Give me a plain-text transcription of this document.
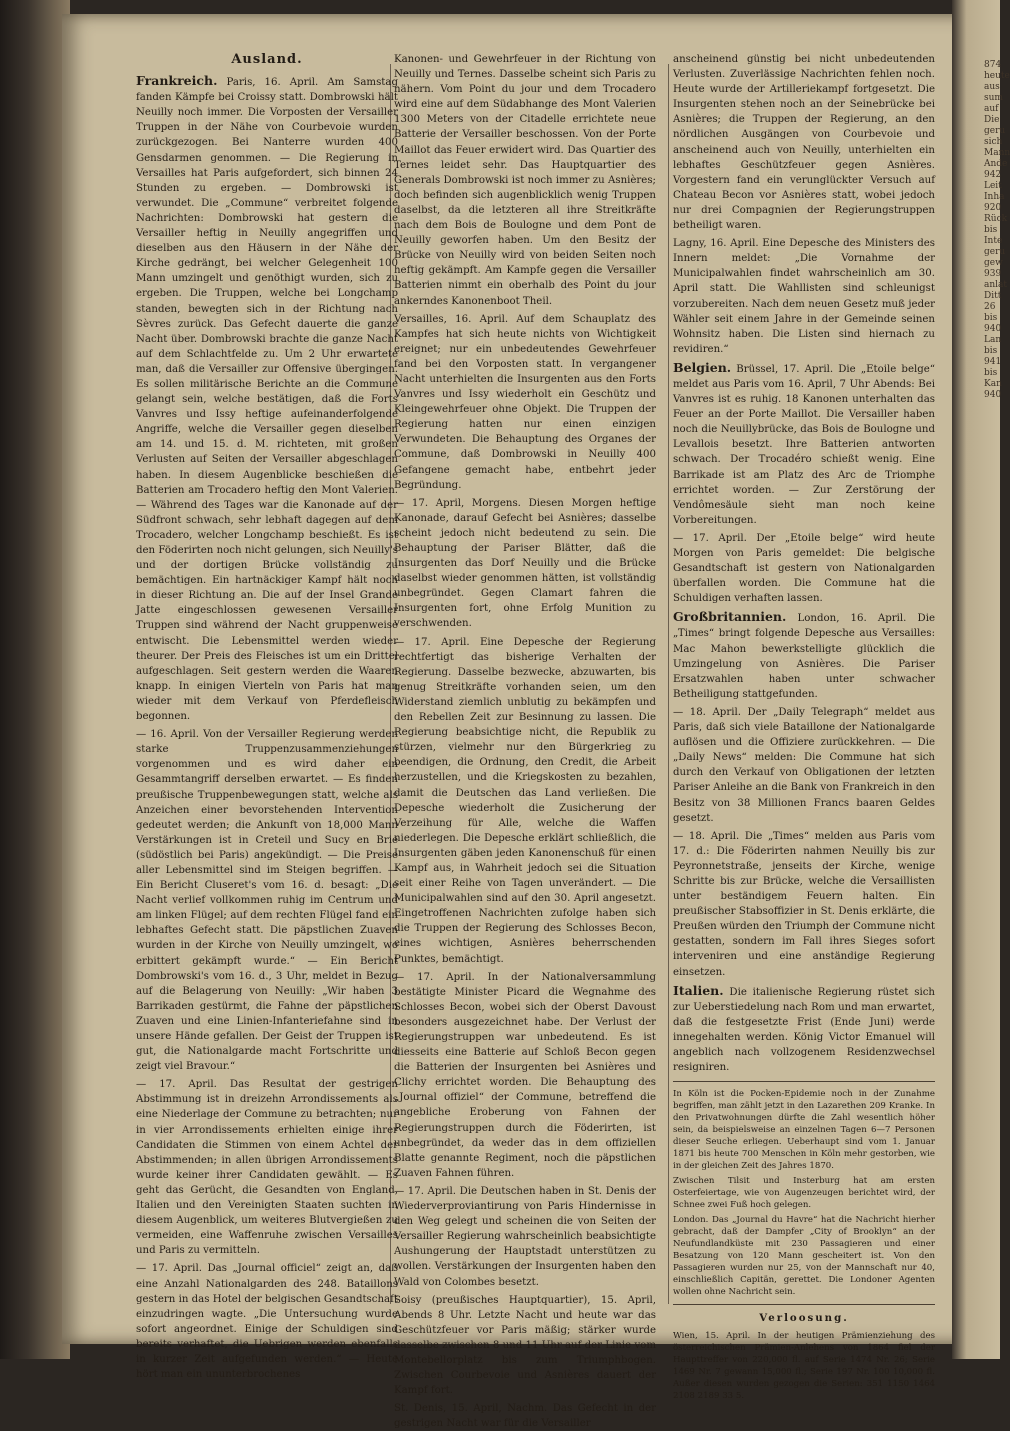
874 heute aus sum auf Die geru sich Mann Ande 942 Leit Inha 920 Rück bis Inte geru gew 939 anlat Ditt 26 bis 940 Lan bis 941 bis Kan 940
Ausland.

Frankreich. Paris, 16. April. Am Samstag fanden Kämpfe bei Croissy statt. Dombrowski hält Neuilly noch immer. Die Vorposten der Versailler Truppen in der Nähe von Courbevoie wurden zurückgezogen. Bei Nanterre wurden 400 Gensdarmen genommen. — Die Regierung in Versailles hat Paris aufgefordert, sich binnen 24 Stunden zu ergeben. — Dombrowski ist verwundet. Die „Commune“ verbreitet folgende Nachrichten: Dombrowski hat gestern die Versailler heftig in Neuilly angegriffen und dieselben aus den Häusern in der Nähe der Kirche gedrängt, bei welcher Gelegenheit 100 Mann umzingelt und genöthigt wurden, sich zu ergeben. Die Truppen, welche bei Longchamp standen, bewegten sich in der Richtung nach Sèvres zurück. Das Gefecht dauerte die ganze Nacht über. Dombrowski brachte die ganze Nacht auf dem Schlachtfelde zu. Um 2 Uhr erwartete man, daß die Versailler zur Offensive übergingen. Es sollen militärische Berichte an die Commune gelangt sein, welche bestätigen, daß die Forts Vanvres und Issy heftige aufeinanderfolgende Angriffe, welche die Versailler gegen dieselben am 14. und 15. d. M. richteten, mit großen Verlusten auf Seiten der Versailler abgeschlagen haben. In diesem Augenblicke beschießen die Batterien am Trocadero heftig den Mont Valerien. — Während des Tages war die Kanonade auf der Südfront schwach, sehr lebhaft dagegen auf dem Trocadero, welcher Longchamp beschießt. Es ist den Föderirten noch nicht gelungen, sich Neuilly's und der dortigen Brücke vollständig zu bemächtigen. Ein hartnäckiger Kampf hält noch in dieser Richtung an. Die auf der Insel Grande Jatte eingeschlossen gewesenen Versailler Truppen sind während der Nacht gruppenweise entwischt. Die Lebensmittel werden wieder theurer. Der Preis des Fleisches ist um ein Drittel aufgeschlagen. Seit gestern werden die Waaren knapp. In einigen Vierteln von Paris hat man wieder mit dem Verkauf von Pferdefleisch begonnen.

— 16. April. Von der Versailler Regierung werden starke Truppenzusammenziehungen vorgenommen und es wird daher ein Gesammtangriff derselben erwartet. — Es finden preußische Truppenbewegungen statt, welche als Anzeichen einer bevorstehenden Intervention gedeutet werden; die Ankunft von 18,000 Mann Verstärkungen ist in Creteil und Sucy en Brie (südöstlich bei Paris) angekündigt. — Die Preise aller Lebensmittel sind im Steigen begriffen. — Ein Bericht Cluseret's vom 16. d. besagt: „Die Nacht verlief vollkommen ruhig im Centrum und am linken Flügel; auf dem rechten Flügel fand ein lebhaftes Gefecht statt. Die päpstlichen Zuaven wurden in der Kirche von Neuilly umzingelt, wo erbittert gekämpft wurde.“ — Ein Bericht Dombrowski's vom 16. d., 3 Uhr, meldet in Bezug auf die Belagerung von Neuilly: „Wir haben 3 Barrikaden gestürmt, die Fahne der päpstlichen Zuaven und eine Linien-Infanteriefahne sind in unsere Hände gefallen. Der Geist der Truppen ist gut, die Nationalgarde macht Fortschritte und zeigt viel Bravour.“

— 17. April. Das Resultat der gestrigen Abstimmung ist in dreizehn Arrondissements als eine Niederlage der Commune zu betrachten; nur in vier Arrondissements erhielten einige ihrer Candidaten die Stimmen von einem Achtel der Abstimmenden; in allen übrigen Arrondissements wurde keiner ihrer Candidaten gewählt. — Es geht das Gerücht, die Gesandten von England, Italien und den Vereinigten Staaten suchten in diesem Augenblick, um weiteres Blutvergießen zu vermeiden, eine Waffenruhe zwischen Versailles und Paris zu vermitteln.

— 17. April. Das „Journal officiel“ zeigt an, daß eine Anzahl Nationalgarden des 248. Bataillons gestern in das Hotel der belgischen Gesandtschaft einzudringen wagte. „Die Untersuchung wurde sofort angeordnet. Einige der Schuldigen sind bereits verhaftet, die Uebrigen werden ebenfalls in kurzer Zeit aufgefunden werden.“ — Heute hört man ein ununterbrochenes

Kanonen- und Gewehrfeuer in der Richtung von Neuilly und Ternes. Dasselbe scheint sich Paris zu nähern. Vom Point du jour und dem Trocadero wird eine auf dem Südabhange des Mont Valerien 1300 Meters von der Citadelle errichtete neue Batterie der Versailler beschossen. Von der Porte Maillot das Feuer erwidert wird. Das Quartier des Ternes leidet sehr. Das Hauptquartier des Generals Dombrowski ist noch immer zu Asnières; doch befinden sich augenblicklich wenig Truppen daselbst, da die letzteren all ihre Streitkräfte nach dem Bois de Boulogne und dem Pont de Neuilly geworfen haben. Um den Besitz der Brücke von Neuilly wird von beiden Seiten noch heftig gekämpft. Am Kampfe gegen die Versailler Batterien nimmt ein oberhalb des Point du jour ankerndes Kanonenboot Theil.

Versailles, 16. April. Auf dem Schauplatz des Kampfes hat sich heute nichts von Wichtigkeit ereignet; nur ein unbedeutendes Gewehrfeuer fand bei den Vorposten statt. In vergangener Nacht unterhielten die Insurgenten aus den Forts Vanvres und Issy wiederholt ein Geschütz und Kleingewehrfeuer ohne Objekt. Die Truppen der Regierung hatten nur einen einzigen Verwundeten. Die Behauptung des Organes der Commune, daß Dombrowski in Neuilly 400 Gefangene gemacht habe, entbehrt jeder Begründung.

— 17. April, Morgens. Diesen Morgen heftige Kanonade, darauf Gefecht bei Asnières; dasselbe scheint jedoch nicht bedeutend zu sein. Die Behauptung der Pariser Blätter, daß die Insurgenten das Dorf Neuilly und die Brücke daselbst wieder genommen hätten, ist vollständig unbegründet. Gegen Clamart fahren die Insurgenten fort, ohne Erfolg Munition zu verschwenden.

— 17. April. Eine Depesche der Regierung rechtfertigt das bisherige Verhalten der Regierung. Dasselbe bezwecke, abzuwarten, bis genug Streitkräfte vorhanden seien, um den Widerstand ziemlich unblutig zu bekämpfen und den Rebellen Zeit zur Besinnung zu lassen. Die Regierung beabsichtige nicht, die Republik zu stürzen, vielmehr nur den Bürgerkrieg zu beendigen, die Ordnung, den Credit, die Arbeit herzustellen, und die Kriegskosten zu bezahlen, damit die Deutschen das Land verließen. Die Depesche wiederholt die Zusicherung der Verzeihung für Alle, welche die Waffen niederlegen. Die Depesche erklärt schließlich, die Insurgenten gäben jeden Kanonenschuß für einen Kampf aus, in Wahrheit jedoch sei die Situation seit einer Reihe von Tagen unverändert. — Die Municipalwahlen sind auf den 30. April angesetzt. Eingetroffenen Nachrichten zufolge haben sich die Truppen der Regierung des Schlosses Becon, eines wichtigen, Asnières beherrschenden Punktes, bemächtigt.

— 17. April. In der Nationalversammlung bestätigte Minister Picard die Wegnahme des Schlosses Becon, wobei sich der Oberst Davoust besonders ausgezeichnet habe. Der Verlust der Regierungstruppen war unbedeutend. Es ist diesseits eine Batterie auf Schloß Becon gegen die Batterien der Insurgenten bei Asnières und Clichy errichtet worden. Die Behauptung des „Journal offiziel“ der Commune, betreffend die angebliche Eroberung von Fahnen der Regierungstruppen durch die Föderirten, ist unbegründet, da weder das in dem offiziellen Blatte genannte Regiment, noch die päpstlichen Zuaven Fahnen führen.

— 17. April. Die Deutschen haben in St. Denis der Wiederverproviantirung von Paris Hindernisse in den Weg gelegt und scheinen die von Seiten der Versailler Regierung wahrscheinlich beabsichtigte Aushungerung der Hauptstadt unterstützen zu wollen. Verstärkungen der Insurgenten haben den Wald von Colombes besetzt.

Soisy (preußisches Hauptquartier), 15. April, Abends 8 Uhr. Letzte Nacht und heute war das Geschützfeuer vor Paris mäßig; stärker wurde dasselbe zwischen 8 und 11 Uhr auf der Linie vom Montebellorplatz bis zum Triumphbogen. Zwischen Courbevoie und Asnières dauert der Kampf fort.

St. Denis, 15. April, Nachm. Das Gefecht in der gestrigen Nacht war für die Versailler

anscheinend günstig bei nicht unbedeutenden Verlusten. Zuverlässige Nachrichten fehlen noch. Heute wurde der Artilleriekampf fortgesetzt. Die Insurgenten stehen noch an der Seinebrücke bei Asnières; die Truppen der Regierung, an den nördlichen Ausgängen von Courbevoie und anscheinend auch von Neuilly, unterhielten ein lebhaftes Geschützfeuer gegen Asnières. Vorgestern fand ein verunglückter Versuch auf Chateau Becon vor Asnières statt, wobei jedoch nur drei Compagnien der Regierungstruppen betheiligt waren.

Lagny, 16. April. Eine Depesche des Ministers des Innern meldet: „Die Vornahme der Municipalwahlen findet wahrscheinlich am 30. April statt. Die Wahllisten sind schleunigst vorzubereiten. Nach dem neuen Gesetz muß jeder Wähler seit einem Jahre in der Gemeinde seinen Wohnsitz haben. Die Listen sind hiernach zu revidiren.“

Belgien. Brüssel, 17. April. Die „Etoile belge“ meldet aus Paris vom 16. April, 7 Uhr Abends: Bei Vanvres ist es ruhig. 18 Kanonen unterhalten das Feuer an der Porte Maillot. Die Versailler haben noch die Neuillybrücke, das Bois de Boulogne und Levallois besetzt. Ihre Batterien antworten schwach. Der Trocadéro schießt wenig. Eine Barrikade ist am Platz des Arc de Triomphe errichtet worden. — Zur Zerstörung der Vendômesäule sieht man noch keine Vorbereitungen.

— 17. April. Der „Etoile belge“ wird heute Morgen von Paris gemeldet: Die belgische Gesandtschaft ist gestern von Nationalgarden überfallen worden. Die Commune hat die Schuldigen verhaften lassen.

Großbritannien. London, 16. April. Die „Times“ bringt folgende Depesche aus Versailles: Mac Mahon bewerkstelligte glücklich die Umzingelung von Asnières. Die Pariser Ersatzwahlen haben unter schwacher Betheiligung stattgefunden.

— 18. April. Der „Daily Telegraph“ meldet aus Paris, daß sich viele Bataillone der Nationalgarde auflösen und die Offiziere zurückkehren. — Die „Daily News“ melden: Die Commune hat sich durch den Verkauf von Obligationen der letzten Pariser Anleihe an die Bank von Frankreich in den Besitz von 38 Millionen Francs baaren Geldes gesetzt.

— 18. April. Die „Times“ melden aus Paris vom 17. d.: Die Föderirten nahmen Neuilly bis zur Peyronnetstraße, jenseits der Kirche, wenige Schritte bis zur Brücke, welche die Versaillisten unter beständigem Feuern halten. Ein preußischer Stabsoffizier in St. Denis erklärte, die Preußen würden den Triumph der Commune nicht gestatten, sondern im Fall ihres Sieges sofort interveniren und eine anständige Regierung einsetzen.

Italien. Die italienische Regierung rüstet sich zur Ueberstiedelung nach Rom und man erwartet, daß die festgesetzte Frist (Ende Juni) werde innegehalten werden. König Victor Emanuel will angeblich nach vollzogenem Residenzwechsel resigniren.

In Köln ist die Pocken-Epidemie noch in der Zunahme begriffen, man zählt jetzt in den Lazarethen 209 Kranke. In den Privatwohnungen dürfte die Zahl wesentlich höher sein, da beispielsweise an einzelnen Tagen 6—7 Personen dieser Seuche erliegen. Ueberhaupt sind vom 1. Januar 1871 bis heute 700 Menschen in Köln mehr gestorben, wie in der gleichen Zeit des Jahres 1870.

Zwischen Tilsit und Insterburg hat am ersten Osterfeiertage, wie von Augenzeugen berichtet wird, der Schnee zwei Fuß hoch gelegen.

London. Das „Journal du Havre“ hat die Nachricht hierher gebracht, daß der Dampfer „City of Brooklyn“ an der Neufundlandküste mit 230 Passagieren und einer Besatzung von 120 Mann gescheitert ist. Von den Passagieren wurden nur 25, von der Mannschaft nur 40, einschließlich Capitän, gerettet. Die Londoner Agenten wollen ohne Nachricht sein.

Verloosung.

Wien, 15. April. In der heutigen Prämienziehung des österreichischen Prämien-Anlehens von 1864 fiel der Haupttreffer von 220,000 fl. auf Serie 1474 Nr. 26; Serie 1469 Nr. 7 gewann 15,000 fl.; Serie 197 Nr. 100 10,000 fl. Außer diesen wurden gezogen die Serien: 351 1150 1464 2108 2189 33 5.
